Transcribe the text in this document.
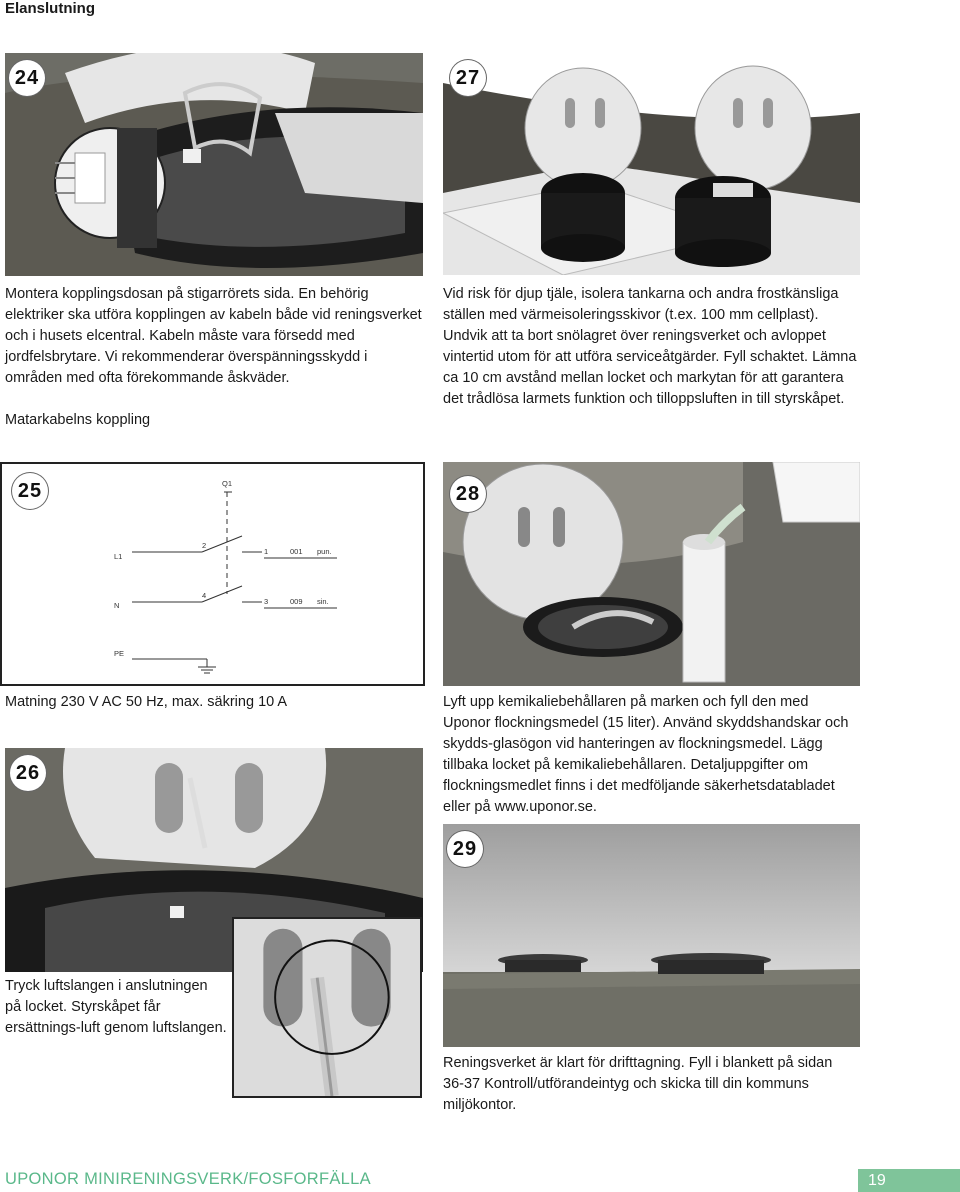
Elanslutning
24
Montera kopplingsdosan på stigarrörets sida. En behörig elektriker ska utföra kopplingen av kabeln både vid reningsverket och i husets elcentral. Kabeln måste vara försedd med jordfelsbrytare. Vi rekommenderar överspänningsskydd i områden med ofta förekommande åskväder.
Matarkabelns koppling
27
Vid risk för djup tjäle, isolera tankarna och andra frostkänsliga ställen med värmeisoleringsskivor (t.ex. 100 mm cellplast). Undvik att ta bort snölagret över reningsverket och avloppet vintertid utom för att utföra serviceåtgärder. Fyll schaktet. Lämna ca 10 cm avstånd mellan locket och markytan för att garantera det trådlösa larmets funktion och tilloppsluften in till styrskåpet.
Q1
L1
2
1	001 pun.
N
4
3	009 sin.
PE
25	28
Matning 230 V AC 50 Hz, max. säkring 10 A	Lyft upp kemikaliebehållaren på marken och fyll den med Uponor flockningsmedel (15 liter). Använd skyddshandskar och skydds-glasögon vid hanteringen av flockningsmedel. Lägg tillbaka locket på kemikaliebehållaren. Detaljuppgifter om flockningsmedlet finns i det medföljande säkerhetsdatabladet eller på www.uponor.se.
26
29
Tryck luftslangen i anslutningen på locket. Styrskåpet får ersättnings-luft genom luftslangen.
Reningsverket är klart för drifttagning. Fyll i blankett på sidan 36-37 Kontroll/utförandeintyg och skicka till din kommuns miljökontor.
UPONOR MINIRENINGSVERK/FOSFORFÄLLA	19
